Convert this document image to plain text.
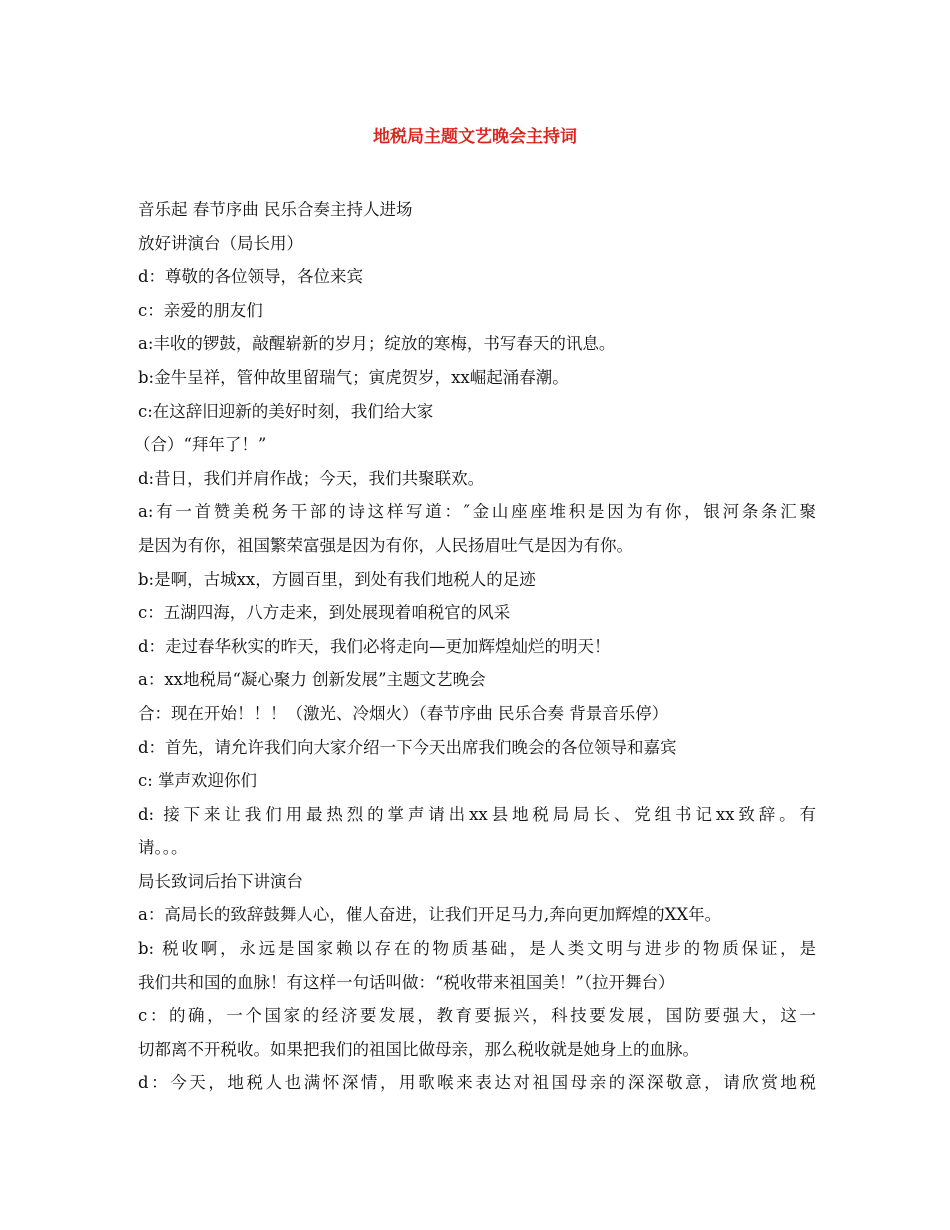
地税局主题文艺晚会主持词
音乐起 春节序曲 民乐合奏主持人进场
放好讲演台（局长用）
d：尊敬的各位领导，各位来宾
c：亲爱的朋友们
a:丰收的锣鼓，敲醒崭新的岁月；绽放的寒梅，书写春天的讯息。
b:金牛呈祥，管仲故里留瑞气；寅虎贺岁，xx崛起涌春潮。
c:在这辞旧迎新的美好时刻，我们给大家
（合）“拜年了！”
d:昔日，我们并肩作战；今天，我们共聚联欢。
a:有一首赞美税务干部的诗这样写道：″金山座座堆积是因为有你，银河条条汇聚
是因为有你，祖国繁荣富强是因为有你，人民扬眉吐气是因为有你。
b:是啊，古城xx，方圆百里，到处有我们地税人的足迹
c：五湖四海，八方走来，到处展现着咱税官的风采
d：走过春华秋实的昨天，我们必将走向—更加辉煌灿烂的明天！
a：xx地税局“凝心聚力 创新发展”主题文艺晚会
合：现在开始！！！（激光、冷烟火）（春节序曲 民乐合奏 背景音乐停）
d：首先，请允许我们向大家介绍一下今天出席我们晚会的各位领导和嘉宾
c: 掌声欢迎你们
d: 接下来让我们用最热烈的掌声请出xx县地税局局长、党组书记xx致辞。有
请。。。
局长致词后抬下讲演台
a：高局长的致辞鼓舞人心，催人奋进，让我们开足马力,奔向更加辉煌的XX年。
b: 税收啊，永远是国家赖以存在的物质基础，是人类文明与进步的物质保证，是
我们共和国的血脉！有这样一句话叫做：“税收带来祖国美！”（拉开舞台）
c：的确，一个国家的经济要发展，教育要振兴，科技要发展，国防要强大，这一
切都离不开税收。如果把我们的祖国比做母亲，那么税收就是她身上的血脉。
d：今天，地税人也满怀深情，用歌喉来表达对祖国母亲的深深敬意，请欣赏地税
